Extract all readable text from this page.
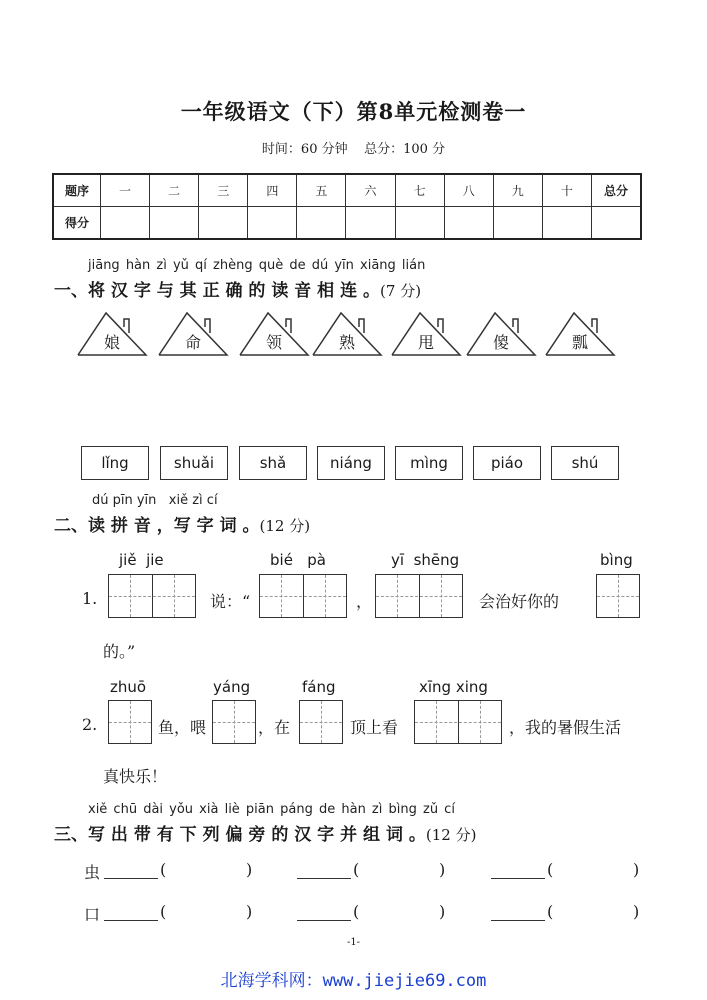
一年级语文（下）第8单元检测卷一
时间：60 分钟    总分：100 分
题序	一	二	三	四	五	六	七	八	九	十	总分
得分											
jiāng hàn zì yǔ qí zhèng què de dú yīn xiāng lián
一、将 汉 字 与 其 正 确 的 读 音 相 连 。(7 分)
娘	命	领	熟	甩	傻	瓢
lǐng	shuǎi	shǎ	niáng	mìng	piáo	shú
dú pīn yīn   xiě zì cí
二、读 拼 音 ，写 字 词 。(12 分)
jiě  jie	bié   pà	yī  shēng	bìng
1.	说：“	，	会治好你的
的。”
zhuō	yáng	fáng	xīng xing
2.	鱼，喂	，在	顶上看	，我的暑假生活
真快乐！
xiě chū dài yǒu xià liè piān páng de hàn zì bìng zǔ cí
三、写 出 带 有 下 列 偏 旁 的 汉 字 并 组 词 。(12 分)
虫	(	)	(	)	(	)
口	(	)	(	)	(	)
-1-
北海学科网：www.jiejie69.com
